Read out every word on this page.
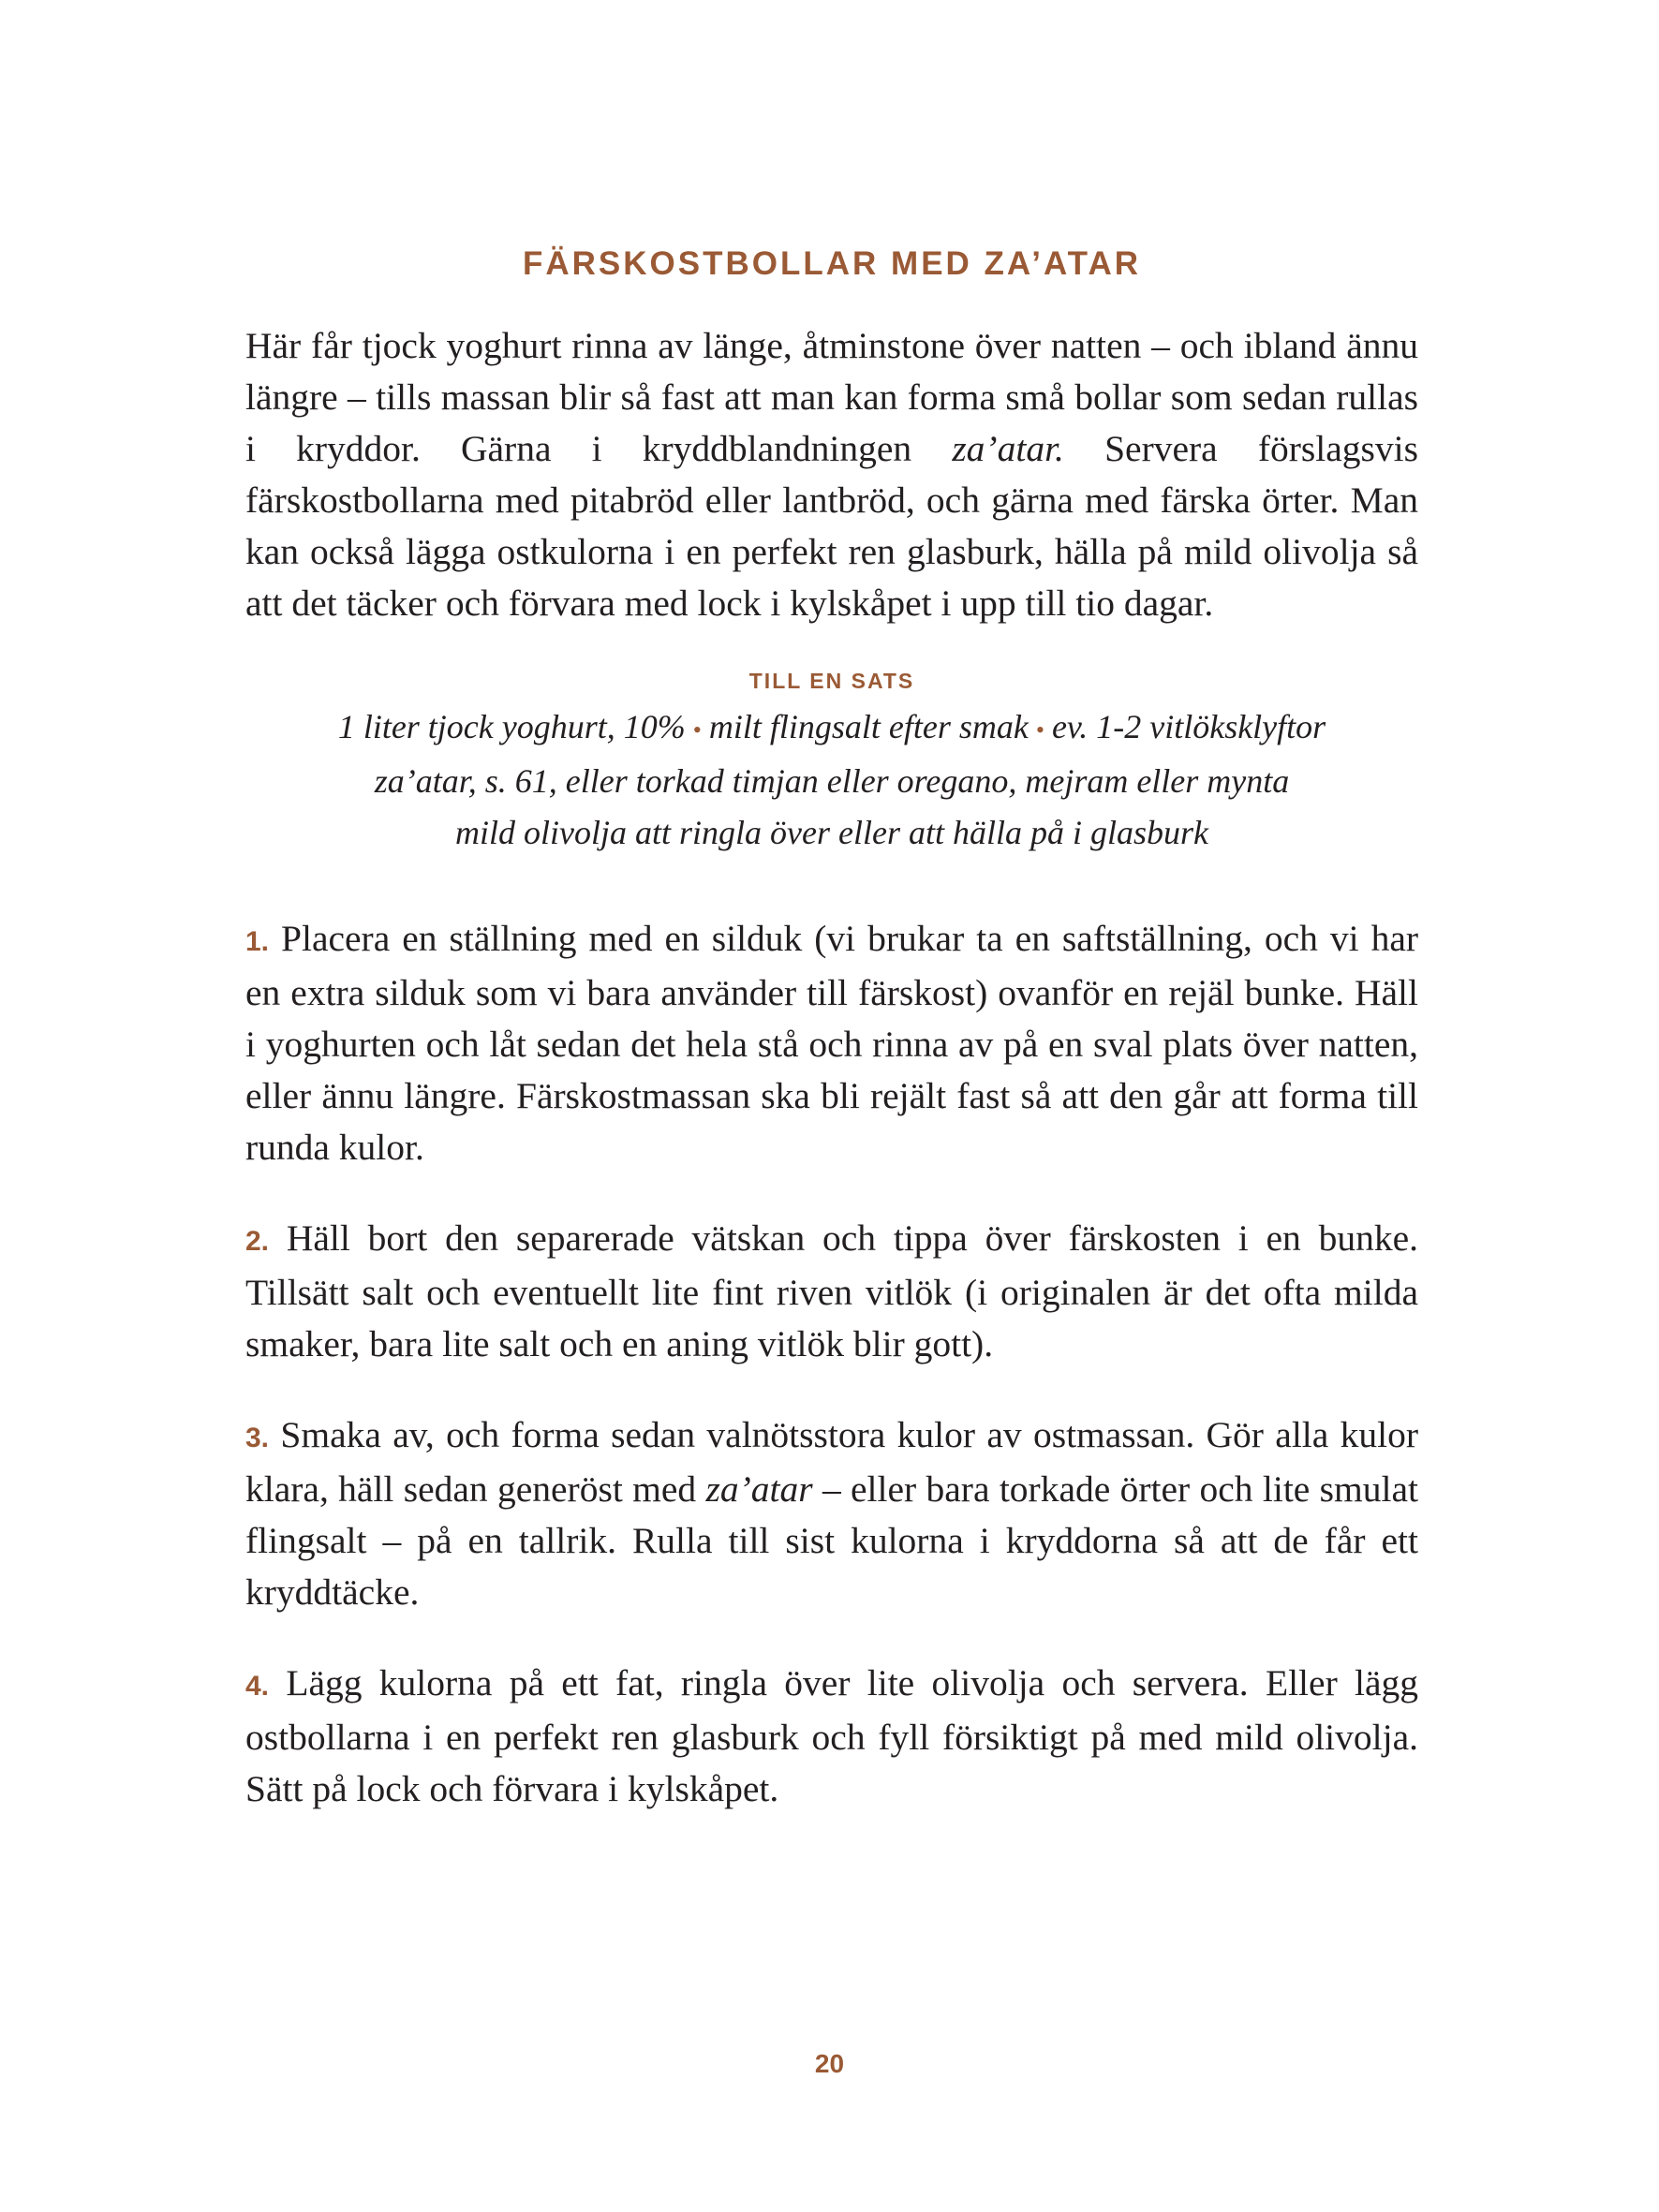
FÄRSKOSTBOLLAR MED ZA’ATAR

Här får tjock yoghurt rinna av länge, åtminstone över natten – och ibland ännu längre – tills massan blir så fast att man kan forma små bollar som sedan rullas i kryddor. Gärna i kryddblandningen za’atar. Servera förslagsvis färskostbollarna med pitabröd eller lantbröd, och gärna med färska örter. Man kan också lägga ostkulorna i en perfekt ren glasburk, hälla på mild olivolja så att det täcker och förvara med lock i kylskåpet i upp till tio dagar.

TILL EN SATS
1 liter tjock yoghurt, 10% • milt flingsalt efter smak • ev. 1-2 vitlöksklyftor
za’atar, s. 61, eller torkad timjan eller oregano, mejram eller mynta
mild olivolja att ringla över eller att hälla på i glasburk

1. Placera en ställning med en silduk (vi brukar ta en saftställning, och vi har en extra silduk som vi bara använder till färskost) ovanför en rejäl bunke. Häll i yoghurten och låt sedan det hela stå och rinna av på en sval plats över natten, eller ännu längre. Färskostmassan ska bli rejält fast så att den går att forma till runda kulor.

2. Häll bort den separerade vätskan och tippa över färskosten i en bunke. Tillsätt salt och eventuellt lite fint riven vitlök (i originalen är det ofta milda smaker, bara lite salt och en aning vitlök blir gott).

3. Smaka av, och forma sedan valnötsstora kulor av ostmassan. Gör alla kulor klara, häll sedan generöst med za’atar – eller bara torkade örter och lite smulat flingsalt – på en tallrik. Rulla till sist kulorna i kryddorna så att de får ett kryddtäcke.

4. Lägg kulorna på ett fat, ringla över lite olivolja och servera. Eller lägg ostbollarna i en perfekt ren glasburk och fyll försiktigt på med mild olivolja. Sätt på lock och förvara i kylskåpet.

20
